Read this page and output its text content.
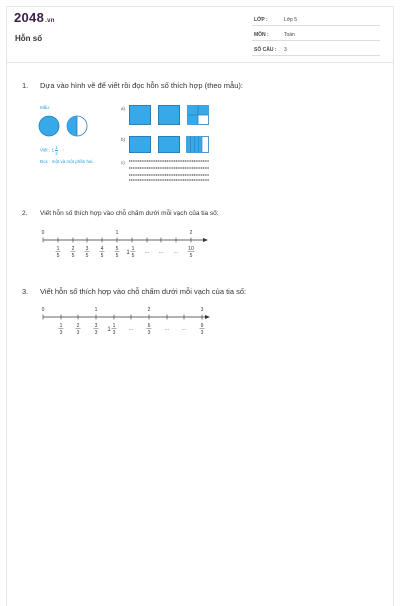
2048.vn
Hỗn số
LỚP :	Lớp 5
MÔN :	Toán
SỐ CÂU : 3
1. Dựa vào hình vẽ để viết rồi đọc hỗn số thích hợp (theo mẫu):
Mẫu:
Viết : $1 \frac{1}{2}$
Đọc : một và một phần hai
a)
b)
c)
2. Viết hỗn số thích hợp vào chỗ chấm dưới mỗi vạch của tia số:
0	1	2
1
5
2
5
3
5
4
5
5
5 1
1
5
... ... ... 10
5
3. Viết hỗn số thích hợp vào chỗ chấm dưới mỗi vạch của tia số:
0	1	2	3
1
3
2
3
3
3 1
1
3
...	6
3
...	...	9
3
